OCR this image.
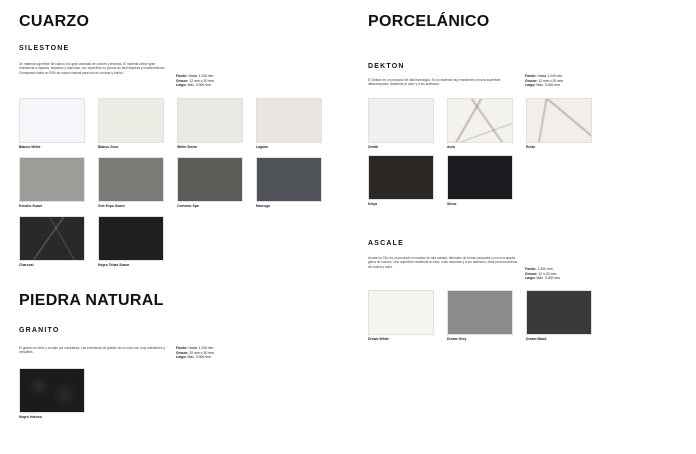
CUARZO
SILESTONE
Un material superficie de cuarzo con gran variedad de colores y texturas. El material ofrece gran resistencia a rayados, impactos y manchas, con superficie no porosa de fácil limpieza y mantenimiento. Compuesto hasta un 90% de cuarzo natural para uso en cocinas y baños.
Fondo: Hasta 1.240 mm
Grosor: 12 mm o 20 mm
Largo: Máx. 3.000 mm
Blanco White	Blanco Zeus	White Storm	Lagoon
Kensho Suave	Gris Expo Suave	Cemento Spa	Marengo
Charcoal	Negro Tebas Suave
PIEDRA NATURAL
GRANITO
El granito es bello y cumple por naturaleza. Las encimeras de granito de su color son muy resistentes y versátiles.
Fondo: Hasta 1.240 mm
Grosor: 20 mm o 30 mm
Largo: Máx. 3.000 mm
Negro Intenso
PORCELÁNICO
DEKTON
El Dekton es un producto de alta tecnología. Es un material muy resistente con una superficie ultracompacta, resistente al calor y a los arañazos.
Fondo: Hasta 1.240 mm
Grosor: 12 mm o 20 mm
Largo: Máx. 3.000 mm
Zenith	Aura	Entzo
Kelya	Sirius
ASCALE
Ascale by TAU es un producto innovador de alta calidad, fabricado de forma compacta y con una amplia gama de colores. Una superficie resistente al calor, a las manchas y a los arañazos, ideal para encimeras de cocina y baño.
Fondo: 1.400 mm
Grosor: 12 o 20 mm
Largo: Máx. 3.200 mm
Dream White	Dream Grey	Dream Black
